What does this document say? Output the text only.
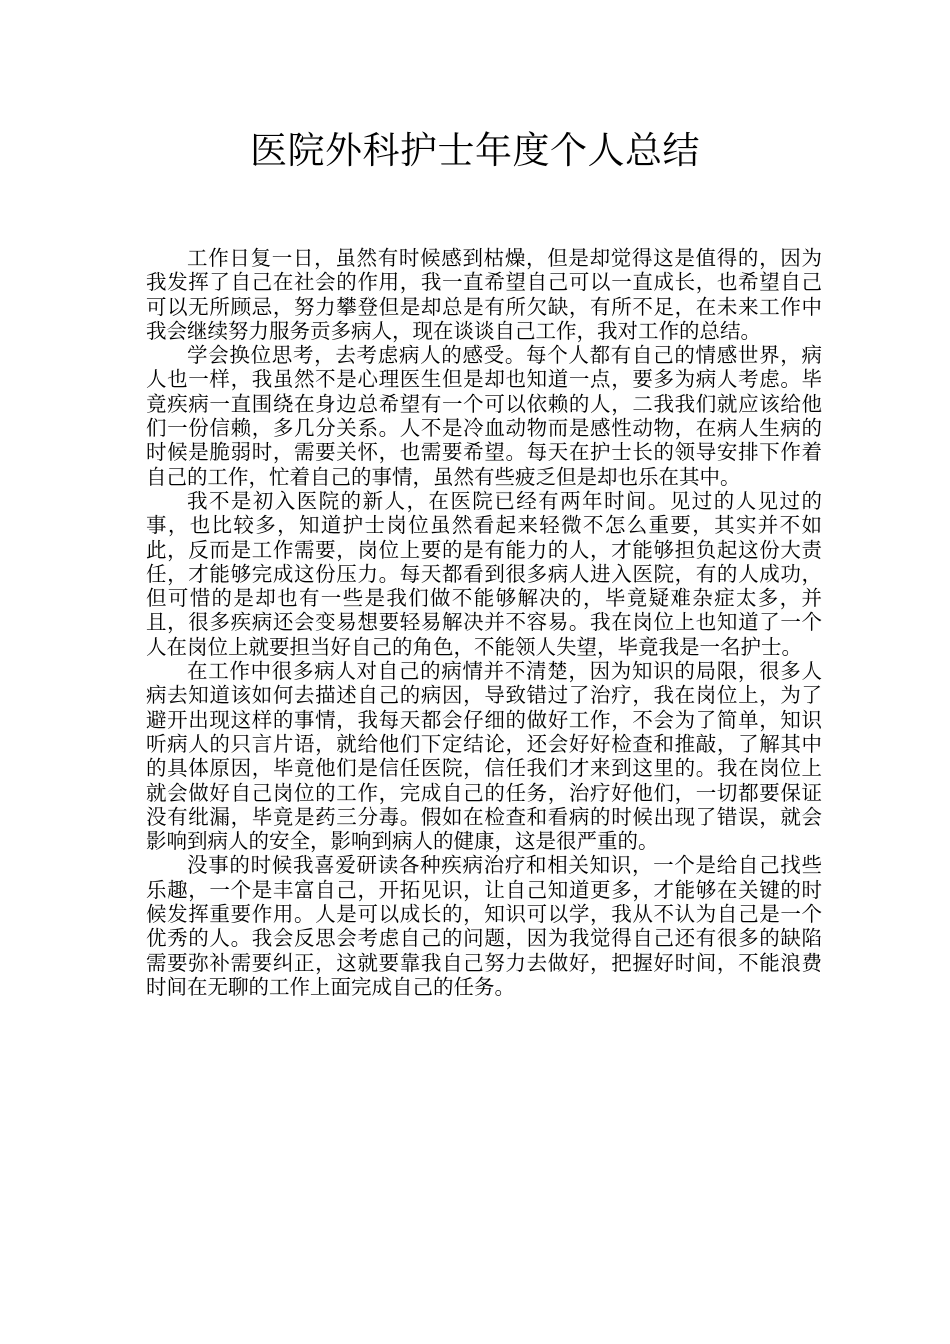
医院外科护士年度个人总结

工作日复一日，虽然有时候感到枯燥，但是却觉得这是值得的，因为我发挥了自己在社会的作用，我一直希望自己可以一直成长，也希望自己可以无所顾忌，努力攀登但是却总是有所欠缺，有所不足，在未来工作中我会继续努力服务贡多病人，现在谈谈自己工作，我对工作的总结。

学会换位思考，去考虑病人的感受。每个人都有自己的情感世界，病人也一样，我虽然不是心理医生但是却也知道一点，要多为病人考虑。毕竟疾病一直围绕在身边总希望有一个可以依赖的人，二我我们就应该给他们一份信赖，多几分关系。人不是冷血动物而是感性动物，在病人生病的时候是脆弱时，需要关怀，也需要希望。每天在护士长的领导安排下作着自己的工作，忙着自己的事情，虽然有些疲乏但是却也乐在其中。

我不是初入医院的新人，在医院已经有两年时间。见过的人见过的事，也比较多，知道护士岗位虽然看起来轻微不怎么重要，其实并不如此，反而是工作需要，岗位上要的是有能力的人，才能够担负起这份大责任，才能够完成这份压力。每天都看到很多病人进入医院，有的人成功，但可惜的是却也有一些是我们做不能够解决的，毕竟疑难杂症太多，并且，很多疾病还会变易想要轻易解决并不容易。我在岗位上也知道了一个人在岗位上就要担当好自己的角色，不能领人失望，毕竟我是一名护士。

在工作中很多病人对自己的病情并不清楚，因为知识的局限，很多人病去知道该如何去描述自己的病因，导致错过了治疗，我在岗位上，为了避开出现这样的事情，我每天都会仔细的做好工作，不会为了简单，知识听病人的只言片语，就给他们下定结论，还会好好检查和推敲，了解其中的具体原因，毕竟他们是信任医院，信任我们才来到这里的。我在岗位上就会做好自己岗位的工作，完成自己的任务，治疗好他们，一切都要保证没有纰漏，毕竟是药三分毒。假如在检查和看病的时候出现了错误，就会影响到病人的安全，影响到病人的健康，这是很严重的。

没事的时候我喜爱研读各种疾病治疗和相关知识，一个是给自己找些乐趣，一个是丰富自己，开拓见识，让自己知道更多，才能够在关键的时候发挥重要作用。人是可以成长的，知识可以学，我从不认为自己是一个优秀的人。我会反思会考虑自己的问题，因为我觉得自己还有很多的缺陷需要弥补需要纠正，这就要靠我自己努力去做好，把握好时间，不能浪费时间在无聊的工作上面完成自己的任务。
